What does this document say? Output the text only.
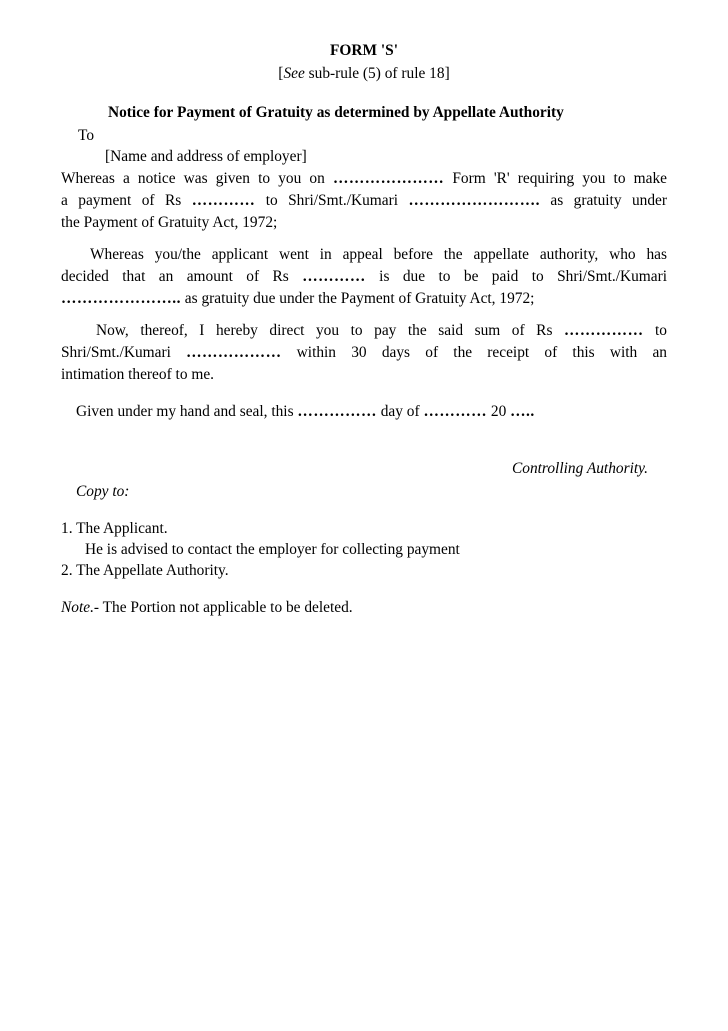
FORM 'S'
[See sub-rule (5) of rule 18]
Notice for Payment of Gratuity as determined by Appellate Authority
To
[Name and address of employer]
Whereas a notice was given to you on ………………… Form 'R' requiring you to make
a payment of Rs ………… to Shri/Smt./Kumari ……………………. as gratuity under
the Payment of Gratuity Act, 1972;
Whereas you/the applicant went in appeal before the appellate authority, who has
decided that an amount of Rs ………… is due to be paid to Shri/Smt./Kumari
………………….. as gratuity due under the Payment of Gratuity Act, 1972;
Now, thereof, I hereby direct you to pay the said sum of Rs …………… to
Shri/Smt./Kumari ……………… within 30 days of the receipt of this with an
intimation thereof to me.
Given under my hand and seal, this …………… day of ………… 20 …..
Controlling Authority.
Copy to:
1. The Applicant.
He is advised to contact the employer for collecting payment
2. The Appellate Authority.
Note.- The Portion not applicable to be deleted.
